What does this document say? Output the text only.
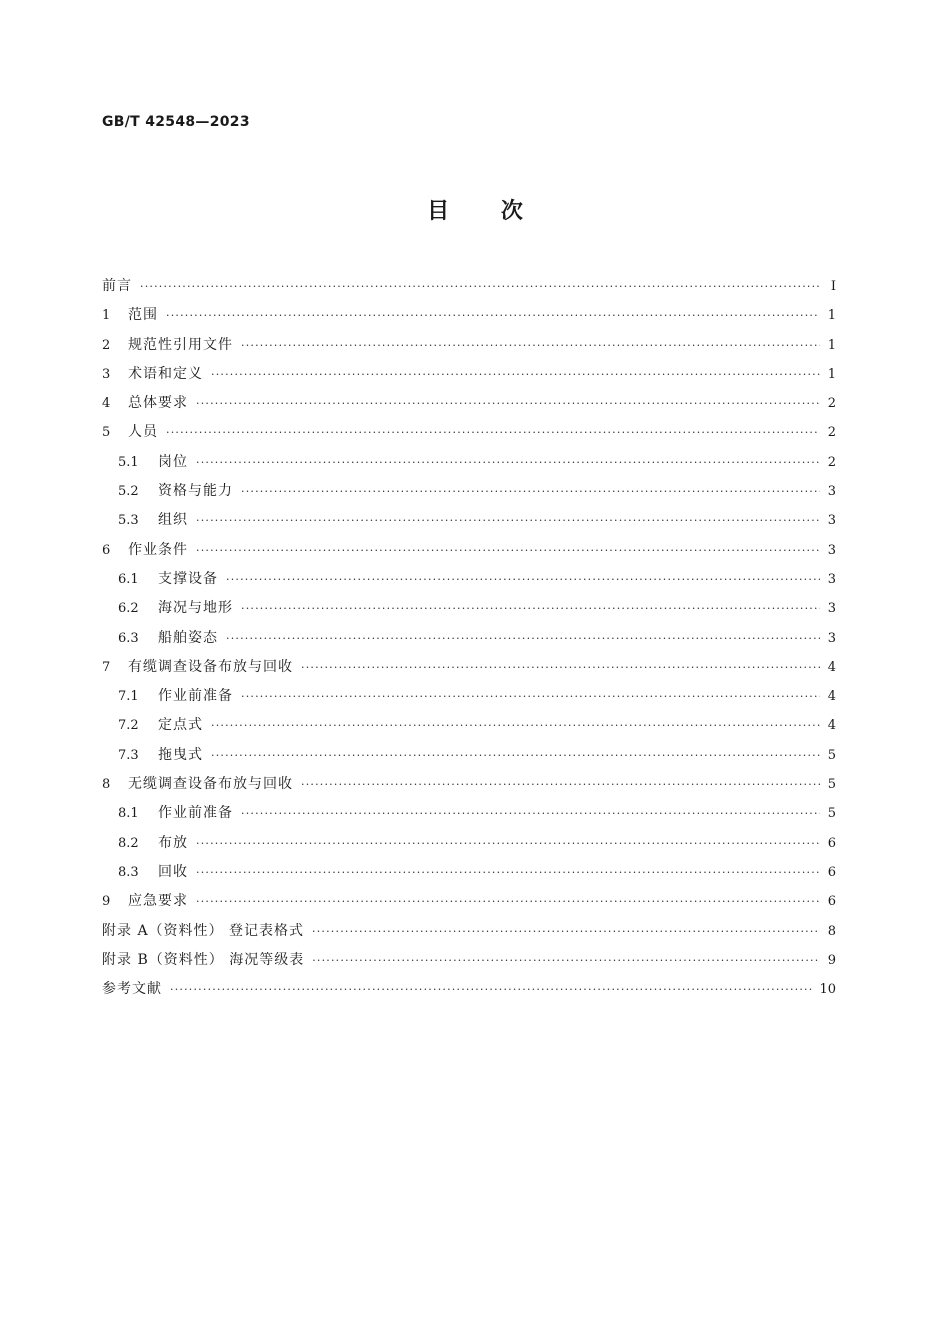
GB/T 42548—2023
目 次
前言 ·····	Ⅰ
1	范围 ·····	1
2	规范性引用文件 ·····	1
3	术语和定义 ·····	1
4	总体要求 ·····	2
5	人员 ·····	2
5.1	岗位 ·····	2
5.2	资格与能力 ·····	3
5.3	组织 ·····	3
6	作业条件 ·····	3
6.1	支撑设备 ·····	3
6.2	海况与地形 ·····	3
6.3	船舶姿态 ·····	3
7	有缆调查设备布放与回收 ·····	4
7.1	作业前准备 ·····	4
7.2	定点式 ·····	4
7.3	拖曳式 ·····	5
8	无缆调查设备布放与回收 ·····	5
8.1	作业前准备 ·····	5
8.2	布放 ·····	6
8.3	回收 ·····	6
9	应急要求 ·····	6
附录 A（资料性） 登记表格式 ·····	8
附录 B（资料性） 海况等级表 ·····	9
参考文献 ·····	10
